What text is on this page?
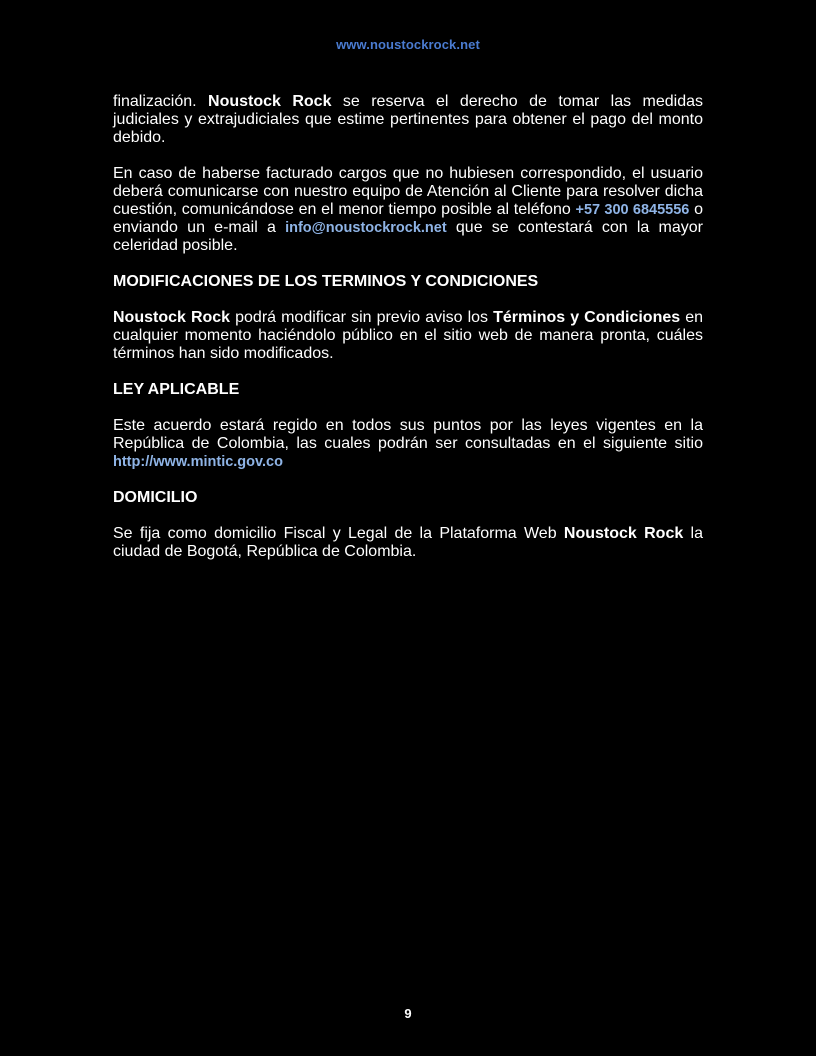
www.noustockrock.net

finalización. Noustock Rock se reserva el derecho de tomar las medidas judiciales y extrajudiciales que estime pertinentes para obtener el pago del monto debido.

En caso de haberse facturado cargos que no hubiesen correspondido, el usuario deberá comunicarse con nuestro equipo de Atención al Cliente para resolver dicha cuestión, comunicándose en el menor tiempo posible al teléfono +57 300 6845556 o enviando un e-mail a info@noustockrock.net que se contestará con la mayor celeridad posible.

MODIFICACIONES DE LOS TERMINOS Y CONDICIONES

Noustock Rock podrá modificar sin previo aviso los Términos y Condiciones en cualquier momento haciéndolo público en el sitio web de manera pronta, cuáles términos han sido modificados.

LEY APLICABLE

Este acuerdo estará regido en todos sus puntos por las leyes vigentes en la República de Colombia, las cuales podrán ser consultadas en el siguiente sitio http://www.mintic.gov.co

DOMICILIO

Se fija como domicilio Fiscal y Legal de la Plataforma Web Noustock Rock la ciudad de Bogotá, República de Colombia.

9
